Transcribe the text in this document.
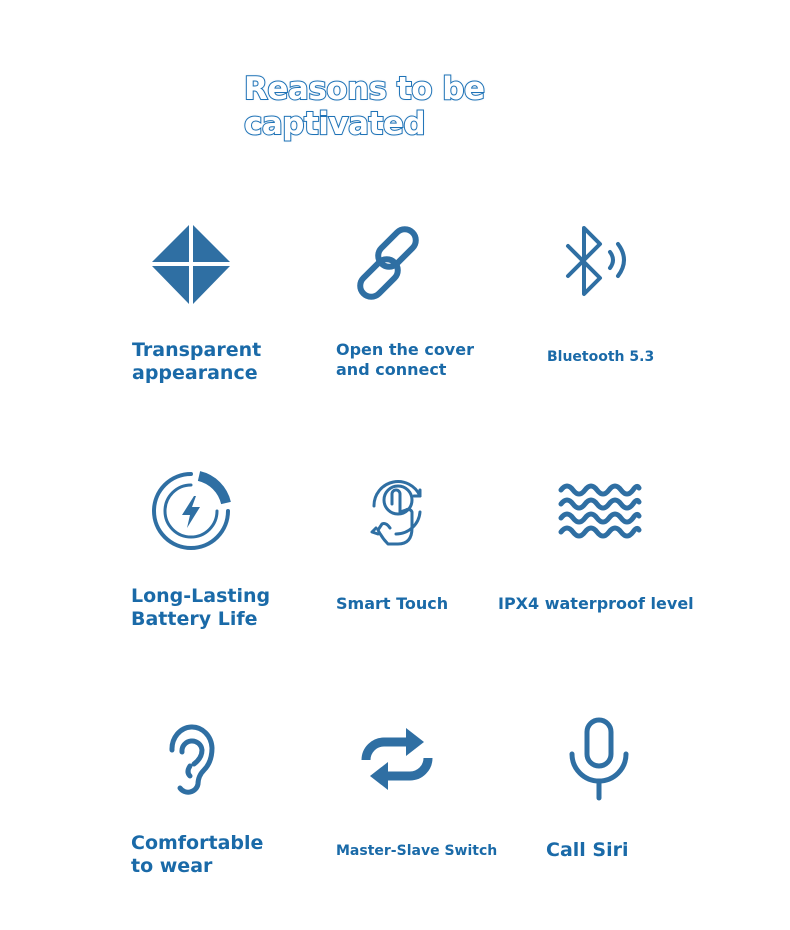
Reasons to be
captivated
Transparent
appearance
Open the cover
and connect
Bluetooth 5.3
Long-Lasting
Battery Life
Smart Touch	IPX4 waterproof level
Comfortable
to wear
Master-Slave Switch	Call Siri
